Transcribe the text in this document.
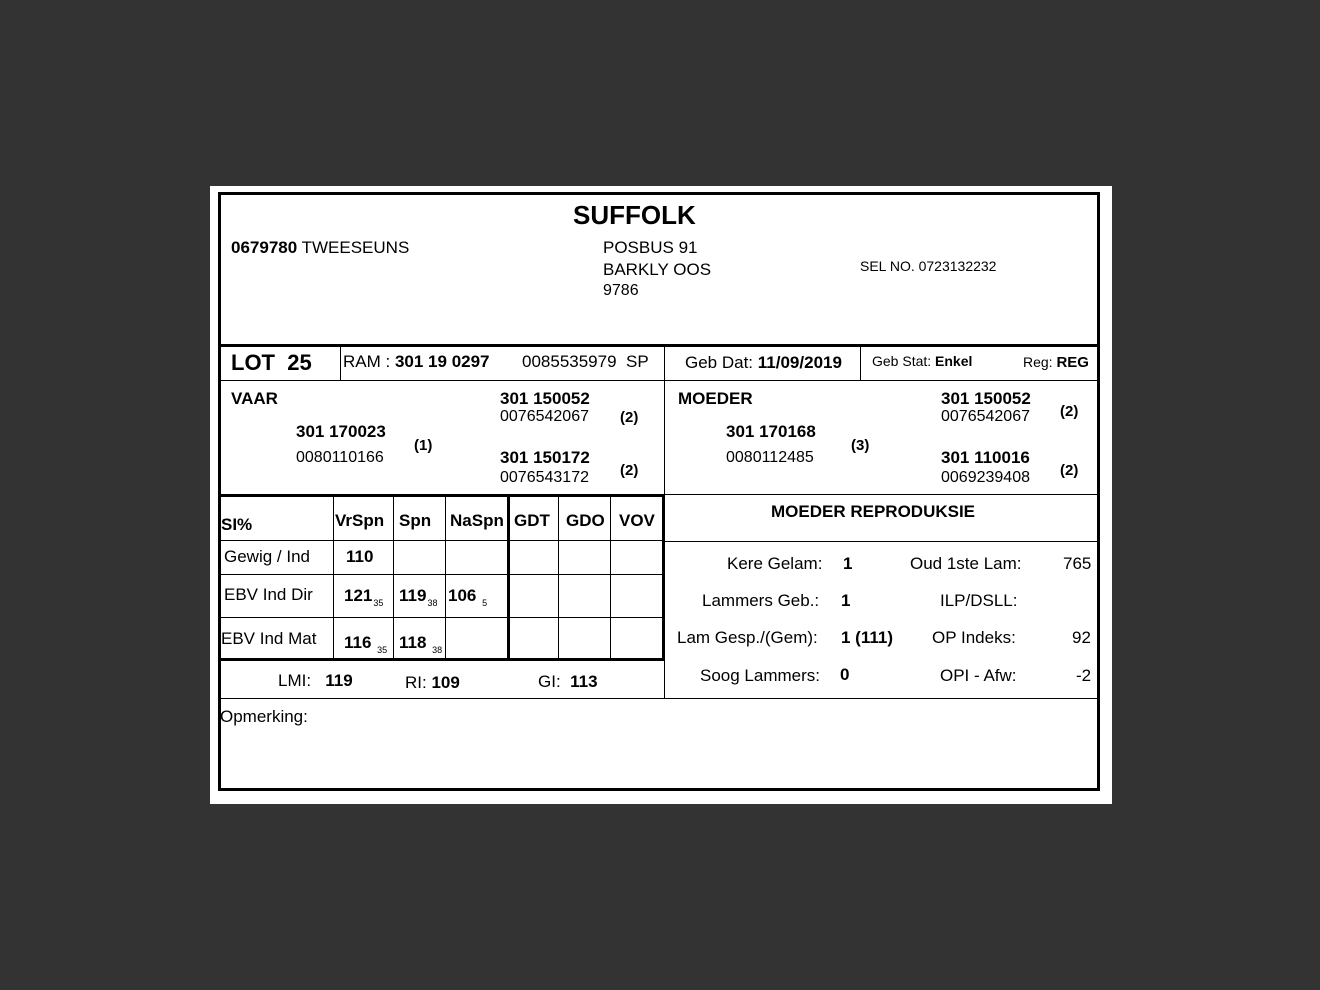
SUFFOLK
0679780 TWEESEUNS	POSBUS 91
BARKLY OOS
9786
SEL NO. 0723132232
LOT 25 RAM : 301 19 0297 0085535979 SP Geb Dat: 11/09/2019 Geb Stat: Enkel	Reg: REG
VAAR
301 170023
0080110166
(1)
301 150052
0076542067 (2)
301 150172
0076543172 (2)
MOEDER
301 170168
0080112485
(3)
301 150052
0076542067 (2)
301 110016
0069239408 (2)
SI%	VrSpn Spn NaSpn GDT GDO VOV
Gewig / Ind 110
EBV Ind Dir $121_{35}$ $119_{38}$ 106 $_5$
EBV Ind Mat 116 $_{35}$ 118 $_{38}$
LMI: 119	RI: 109	GI: 113
MOEDER REPRODUKSIE
Kere Gelam: 1	Oud 1ste Lam: 765
Lammers Geb.: 1	ILP/DSLL:
Lam Gesp./(Gem): 1 (111) OP Indeks:	92
Soog Lammers: 0	OPI - Afw:	-2
Opmerking:
